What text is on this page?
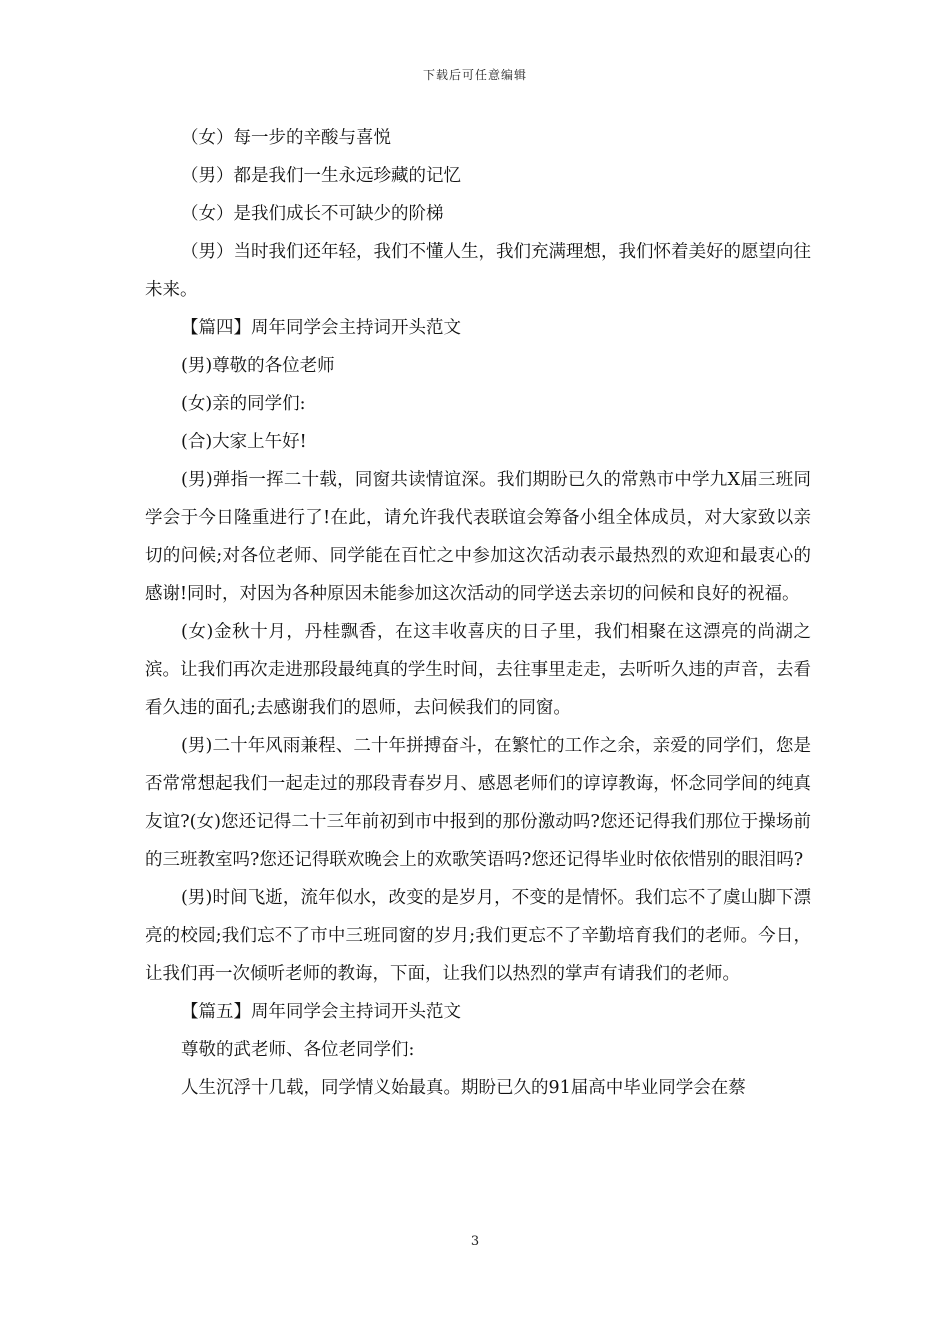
下载后可任意编辑

（女）每一步的辛酸与喜悦

（男）都是我们一生永远珍藏的记忆

（女）是我们成长不可缺少的阶梯

（男）当时我们还年轻，我们不懂人生，我们充满理想，我们怀着美好的愿望向往未来。

【篇四】周年同学会主持词开头范文

(男)尊敬的各位老师

(女)亲的同学们:

(合)大家上午好!

(男)弹指一挥二十载，同窗共读情谊深。我们期盼已久的常熟市中学九X届三班同学会于今日隆重进行了!在此，请允许我代表联谊会筹备小组全体成员，对大家致以亲切的问候;对各位老师、同学能在百忙之中参加这次活动表示最热烈的欢迎和最衷心的感谢!同时，对因为各种原因未能参加这次活动的同学送去亲切的问候和良好的祝福。

(女)金秋十月，丹桂飘香，在这丰收喜庆的日子里，我们相聚在这漂亮的尚湖之滨。让我们再次走进那段最纯真的学生时间，去往事里走走，去听听久违的声音，去看看久违的面孔;去感谢我们的恩师，去问候我们的同窗。

(男)二十年风雨兼程、二十年拼搏奋斗，在繁忙的工作之余，亲爱的同学们，您是否常常想起我们一起走过的那段青春岁月、感恩老师们的谆谆教诲，怀念同学间的纯真友谊?(女)您还记得二十三年前初到市中报到的那份激动吗?您还记得我们那位于操场前的三班教室吗?您还记得联欢晚会上的欢歌笑语吗?您还记得毕业时依依惜别的眼泪吗?

(男)时间飞逝，流年似水，改变的是岁月，不变的是情怀。我们忘不了虞山脚下漂亮的校园;我们忘不了市中三班同窗的岁月;我们更忘不了辛勤培育我们的老师。今日，让我们再一次倾听老师的教诲，下面，让我们以热烈的掌声有请我们的老师。

【篇五】周年同学会主持词开头范文

尊敬的武老师、各位老同学们:

人生沉浮十几载，同学情义始最真。期盼已久的91届高中毕业同学会在蔡

3
